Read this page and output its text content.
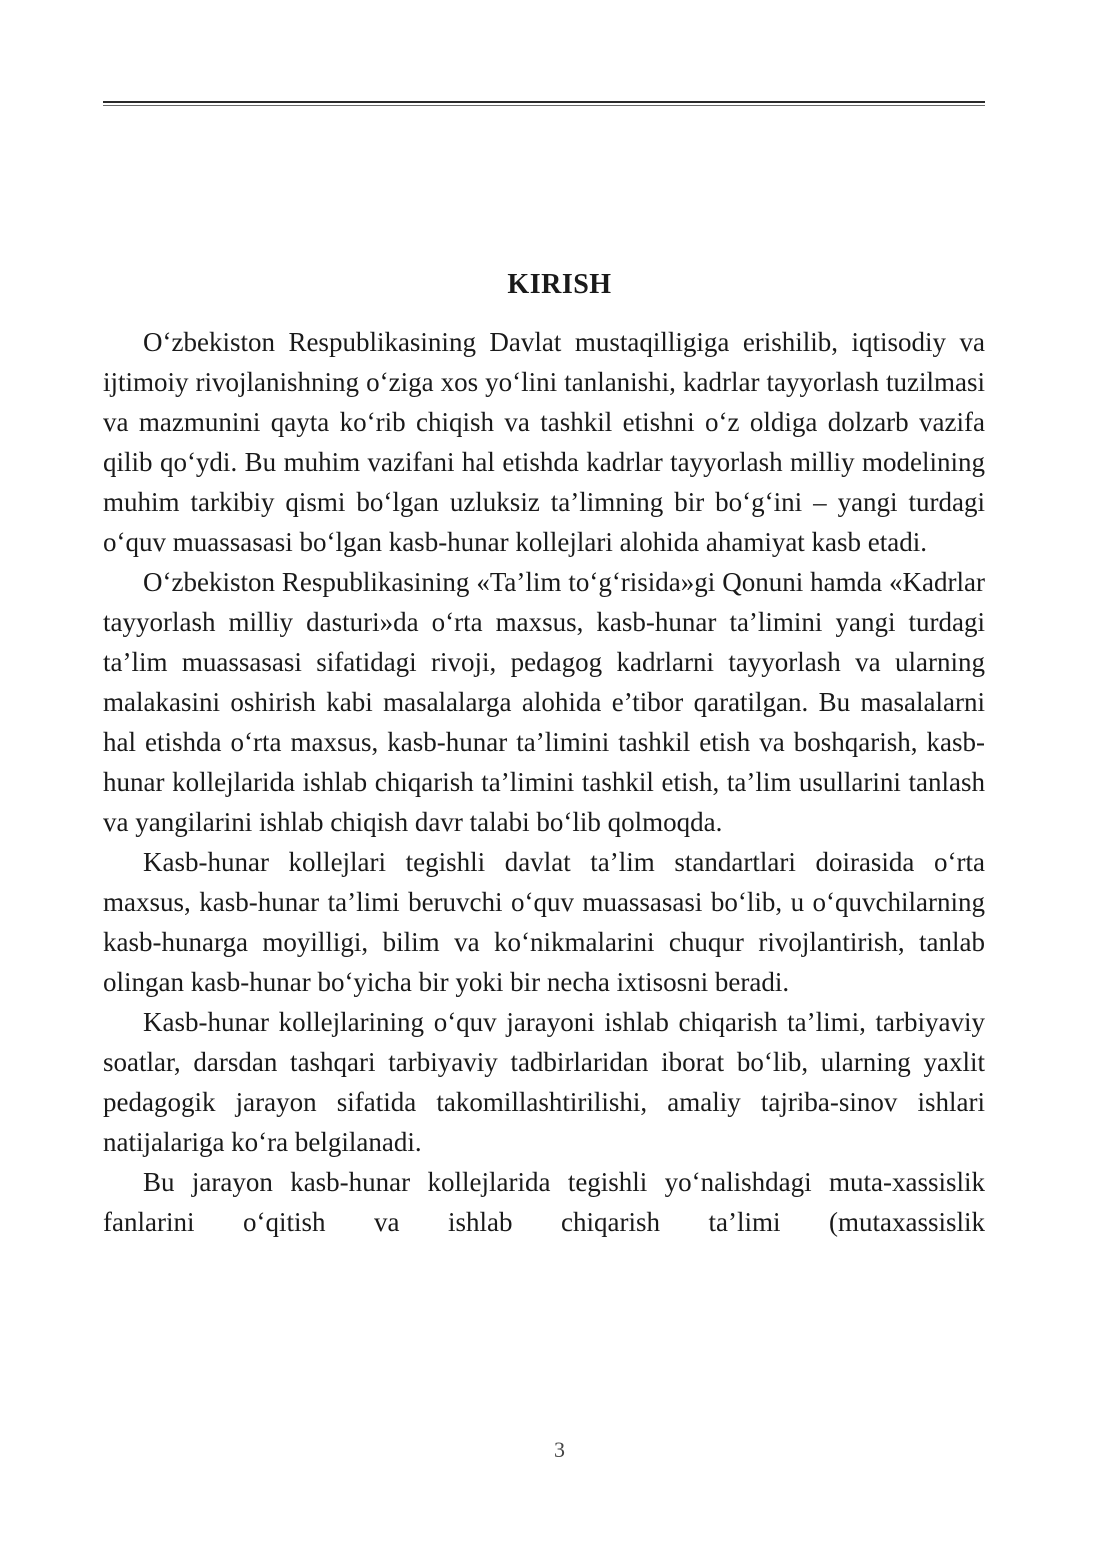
KIRISH

O‘zbekiston Respublikasining Davlat mustaqilligiga erishilib, iqtisodiy va ijtimoiy rivojlanishning o‘ziga xos yo‘lini tanlanishi, kadrlar tayyorlash tuzilmasi va mazmunini qayta ko‘rib chiqish va tashkil etishni o‘z oldiga dolzarb vazifa qilib qo‘ydi. Bu muhim vazifani hal etishda kadrlar tayyorlash milliy modelining muhim tarkibiy qismi bo‘lgan uzluksiz ta’limning bir bo‘g‘ini – yangi turdagi o‘quv muassasasi bo‘lgan kasb-hunar kollejlari alohida ahamiyat kasb etadi.

O‘zbekiston Respublikasining «Ta’lim to‘g‘risida»gi Qonuni hamda «Kadrlar tayyorlash milliy dasturi»da o‘rta maxsus, kasb-hunar ta’limini yangi turdagi ta’lim muassasasi sifatidagi rivoji, pedagog kadrlarni tayyorlash va ularning malakasini oshirish kabi masalalarga alohida e’tibor qaratilgan. Bu masalalarni hal etishda o‘rta maxsus, kasb-hunar ta’limini tashkil etish va boshqarish, kasb-hunar kollejlarida ishlab chiqarish ta’limini tashkil etish, ta’lim usullarini tanlash va yangilarini ishlab chiqish davr talabi bo‘lib qolmoqda.

Kasb-hunar kollejlari tegishli davlat ta’lim standartlari doirasida o‘rta maxsus, kasb-hunar ta’limi beruvchi o‘quv muassasasi bo‘lib, u o‘quvchilarning kasb-hunarga moyilligi, bilim va ko‘nikmalarini chuqur rivojlantirish, tanlab olingan kasb-hunar bo‘yicha bir yoki bir necha ixtisosni beradi.

Kasb-hunar kollejlarining o‘quv jarayoni ishlab chiqarish ta’limi, tarbiyaviy soatlar, darsdan tashqari tarbiyaviy tadbirlaridan iborat bo‘lib, ularning yaxlit pedagogik jarayon sifatida takomillashtirilishi, amaliy tajriba-sinov ishlari natijalariga ko‘ra belgilanadi.

Bu jarayon kasb-hunar kollejlarida tegishli yo‘nalishdagi muta-xassislik fanlarini o‘qitish va ishlab chiqarish ta’limi (mutaxassislik

3
